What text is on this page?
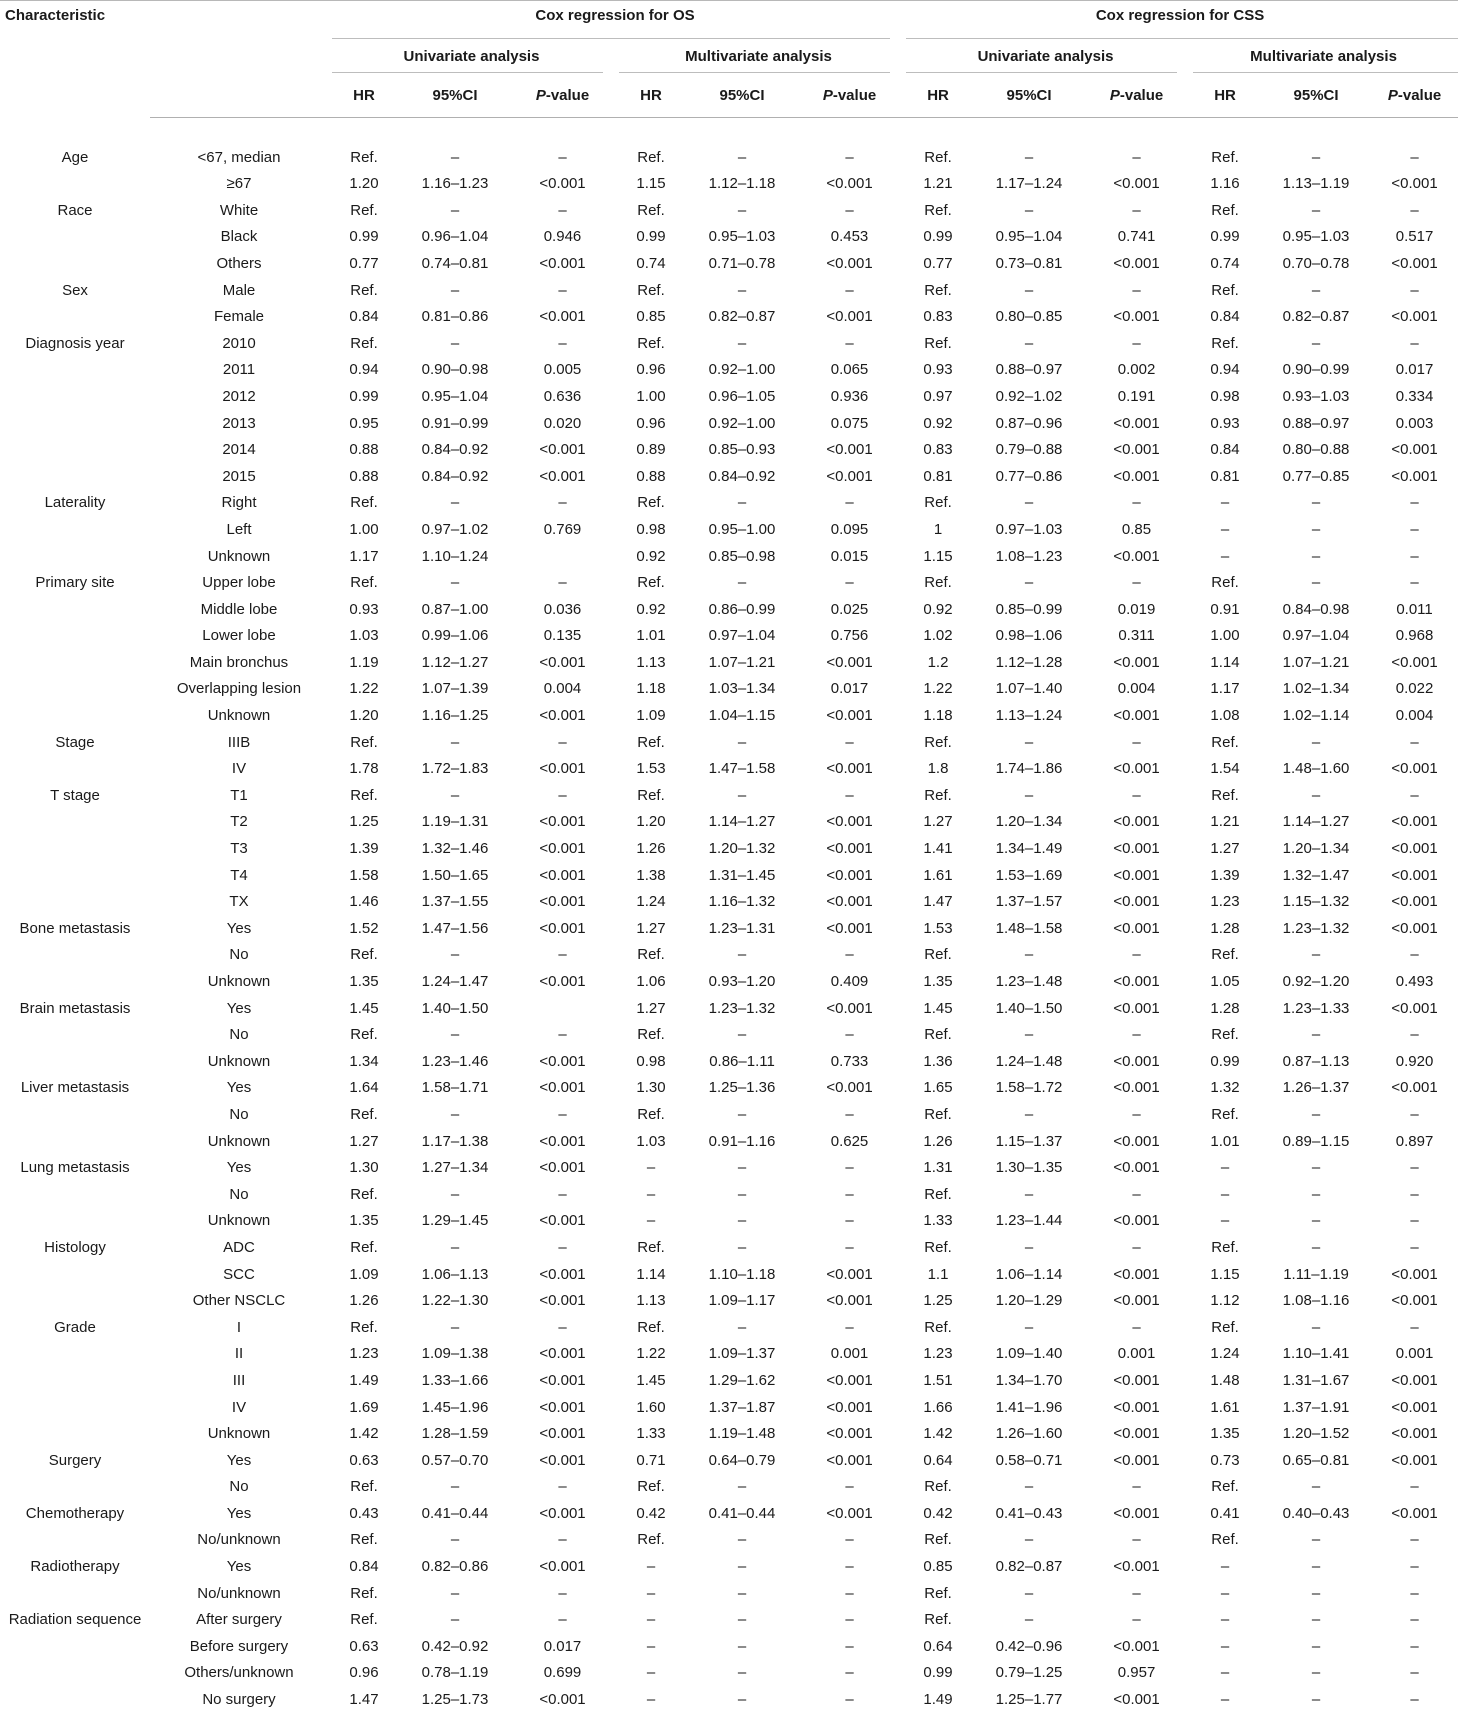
Characteristic		Cox regression for OS						Cox regression for CSS					
		Univariate analysis			Multivariate analysis			Univariate analysis			Multivariate analysis		
		HR	95%CI	P-value	HR	95%CI	P-value	HR	95%CI	P-value	HR	95%CI	P-value

Age	<67, median	Ref.	–	–	Ref.	–	–	Ref.	–	–	Ref.	–	–
	≥67	1.20	1.16–1.23	<0.001	1.15	1.12–1.18	<0.001	1.21	1.17–1.24	<0.001	1.16	1.13–1.19	<0.001
Race	White	Ref.	–	–	Ref.	–	–	Ref.	–	–	Ref.	–	–
	Black	0.99	0.96–1.04	0.946	0.99	0.95–1.03	0.453	0.99	0.95–1.04	0.741	0.99	0.95–1.03	0.517
	Others	0.77	0.74–0.81	<0.001	0.74	0.71–0.78	<0.001	0.77	0.73–0.81	<0.001	0.74	0.70–0.78	<0.001
Sex	Male	Ref.	–	–	Ref.	–	–	Ref.	–	–	Ref.	–	–
	Female	0.84	0.81–0.86	<0.001	0.85	0.82–0.87	<0.001	0.83	0.80–0.85	<0.001	0.84	0.82–0.87	<0.001
Diagnosis year	2010	Ref.	–	–	Ref.	–	–	Ref.	–	–	Ref.	–	–
	2011	0.94	0.90–0.98	0.005	0.96	0.92–1.00	0.065	0.93	0.88–0.97	0.002	0.94	0.90–0.99	0.017
	2012	0.99	0.95–1.04	0.636	1.00	0.96–1.05	0.936	0.97	0.92–1.02	0.191	0.98	0.93–1.03	0.334
	2013	0.95	0.91–0.99	0.020	0.96	0.92–1.00	0.075	0.92	0.87–0.96	<0.001	0.93	0.88–0.97	0.003
	2014	0.88	0.84–0.92	<0.001	0.89	0.85–0.93	<0.001	0.83	0.79–0.88	<0.001	0.84	0.80–0.88	<0.001
	2015	0.88	0.84–0.92	<0.001	0.88	0.84–0.92	<0.001	0.81	0.77–0.86	<0.001	0.81	0.77–0.85	<0.001
Laterality	Right	Ref.	–	–	Ref.	–	–	Ref.	–	–	–	–	–
	Left	1.00	0.97–1.02	0.769	0.98	0.95–1.00	0.095	1	0.97–1.03	0.85	–	–	–
	Unknown	1.17	1.10–1.24		0.92	0.85–0.98	0.015	1.15	1.08–1.23	<0.001	–	–	–
Primary site	Upper lobe	Ref.	–	–	Ref.	–	–	Ref.	–	–	Ref.	–	–
	Middle lobe	0.93	0.87–1.00	0.036	0.92	0.86–0.99	0.025	0.92	0.85–0.99	0.019	0.91	0.84–0.98	0.011
	Lower lobe	1.03	0.99–1.06	0.135	1.01	0.97–1.04	0.756	1.02	0.98–1.06	0.311	1.00	0.97–1.04	0.968
	Main bronchus	1.19	1.12–1.27	<0.001	1.13	1.07–1.21	<0.001	1.2	1.12–1.28	<0.001	1.14	1.07–1.21	<0.001
	Overlapping lesion	1.22	1.07–1.39	0.004	1.18	1.03–1.34	0.017	1.22	1.07–1.40	0.004	1.17	1.02–1.34	0.022
	Unknown	1.20	1.16–1.25	<0.001	1.09	1.04–1.15	<0.001	1.18	1.13–1.24	<0.001	1.08	1.02–1.14	0.004
Stage	IIIB	Ref.	–	–	Ref.	–	–	Ref.	–	–	Ref.	–	–
	IV	1.78	1.72–1.83	<0.001	1.53	1.47–1.58	<0.001	1.8	1.74–1.86	<0.001	1.54	1.48–1.60	<0.001
T stage	T1	Ref.	–	–	Ref.	–	–	Ref.	–	–	Ref.	–	–
	T2	1.25	1.19–1.31	<0.001	1.20	1.14–1.27	<0.001	1.27	1.20–1.34	<0.001	1.21	1.14–1.27	<0.001
	T3	1.39	1.32–1.46	<0.001	1.26	1.20–1.32	<0.001	1.41	1.34–1.49	<0.001	1.27	1.20–1.34	<0.001
	T4	1.58	1.50–1.65	<0.001	1.38	1.31–1.45	<0.001	1.61	1.53–1.69	<0.001	1.39	1.32–1.47	<0.001
	TX	1.46	1.37–1.55	<0.001	1.24	1.16–1.32	<0.001	1.47	1.37–1.57	<0.001	1.23	1.15–1.32	<0.001
Bone metastasis	Yes	1.52	1.47–1.56	<0.001	1.27	1.23–1.31	<0.001	1.53	1.48–1.58	<0.001	1.28	1.23–1.32	<0.001
	No	Ref.	–	–	Ref.	–	–	Ref.	–	–	Ref.	–	–
	Unknown	1.35	1.24–1.47	<0.001	1.06	0.93–1.20	0.409	1.35	1.23–1.48	<0.001	1.05	0.92–1.20	0.493
Brain metastasis	Yes	1.45	1.40–1.50		1.27	1.23–1.32	<0.001	1.45	1.40–1.50	<0.001	1.28	1.23–1.33	<0.001
	No	Ref.	–	–	Ref.	–	–	Ref.	–	–	Ref.	–	–
	Unknown	1.34	1.23–1.46	<0.001	0.98	0.86–1.11	0.733	1.36	1.24–1.48	<0.001	0.99	0.87–1.13	0.920
Liver metastasis	Yes	1.64	1.58–1.71	<0.001	1.30	1.25–1.36	<0.001	1.65	1.58–1.72	<0.001	1.32	1.26–1.37	<0.001
	No	Ref.	–	–	Ref.	–	–	Ref.	–	–	Ref.	–	–
	Unknown	1.27	1.17–1.38	<0.001	1.03	0.91–1.16	0.625	1.26	1.15–1.37	<0.001	1.01	0.89–1.15	0.897
Lung metastasis	Yes	1.30	1.27–1.34	<0.001	–	–	–	1.31	1.30–1.35	<0.001	–	–	–
	No	Ref.	–	–	–	–	–	Ref.	–	–	–	–	–
	Unknown	1.35	1.29–1.45	<0.001	–	–	–	1.33	1.23–1.44	<0.001	–	–	–
Histology	ADC	Ref.	–	–	Ref.	–	–	Ref.	–	–	Ref.	–	–
	SCC	1.09	1.06–1.13	<0.001	1.14	1.10–1.18	<0.001	1.1	1.06–1.14	<0.001	1.15	1.11–1.19	<0.001
	Other NSCLC	1.26	1.22–1.30	<0.001	1.13	1.09–1.17	<0.001	1.25	1.20–1.29	<0.001	1.12	1.08–1.16	<0.001
Grade	I	Ref.	–	–	Ref.	–	–	Ref.	–	–	Ref.	–	–
	II	1.23	1.09–1.38	<0.001	1.22	1.09–1.37	0.001	1.23	1.09–1.40	0.001	1.24	1.10–1.41	0.001
	III	1.49	1.33–1.66	<0.001	1.45	1.29–1.62	<0.001	1.51	1.34–1.70	<0.001	1.48	1.31–1.67	<0.001
	IV	1.69	1.45–1.96	<0.001	1.60	1.37–1.87	<0.001	1.66	1.41–1.96	<0.001	1.61	1.37–1.91	<0.001
	Unknown	1.42	1.28–1.59	<0.001	1.33	1.19–1.48	<0.001	1.42	1.26–1.60	<0.001	1.35	1.20–1.52	<0.001
Surgery	Yes	0.63	0.57–0.70	<0.001	0.71	0.64–0.79	<0.001	0.64	0.58–0.71	<0.001	0.73	0.65–0.81	<0.001
	No	Ref.	–	–	Ref.	–	–	Ref.	–	–	Ref.	–	–
Chemotherapy	Yes	0.43	0.41–0.44	<0.001	0.42	0.41–0.44	<0.001	0.42	0.41–0.43	<0.001	0.41	0.40–0.43	<0.001
	No/unknown	Ref.	–	–	Ref.	–	–	Ref.	–	–	Ref.	–	–
Radiotherapy	Yes	0.84	0.82–0.86	<0.001	–	–	–	0.85	0.82–0.87	<0.001	–	–	–
	No/unknown	Ref.	–	–	–	–	–	Ref.	–	–	–	–	–
Radiation sequence	After surgery	Ref.	–	–	–	–	–	Ref.	–	–	–	–	–
	Before surgery	0.63	0.42–0.92	0.017	–	–	–	0.64	0.42–0.96	<0.001	–	–	–
	Others/unknown	0.96	0.78–1.19	0.699	–	–	–	0.99	0.79–1.25	0.957	–	–	–
	No surgery	1.47	1.25–1.73	<0.001	–	–	–	1.49	1.25–1.77	<0.001	–	–	–
